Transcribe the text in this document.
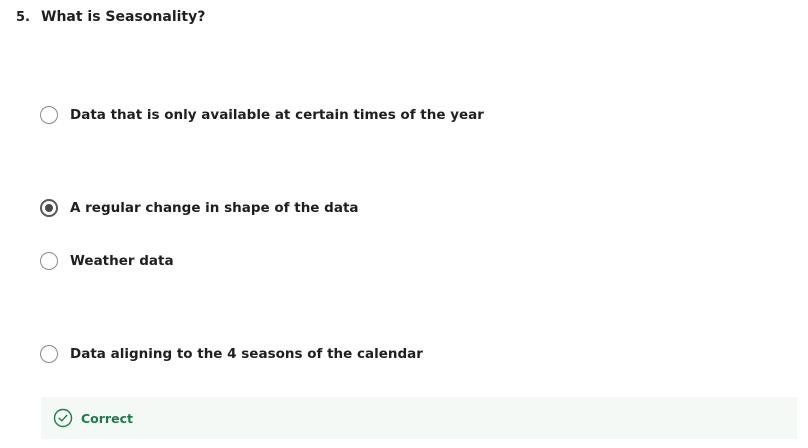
5. What is Seasonality?
Data that is only available at certain times of the year
A regular change in shape of the data
Weather data
Data aligning to the 4 seasons of the calendar
Correct
